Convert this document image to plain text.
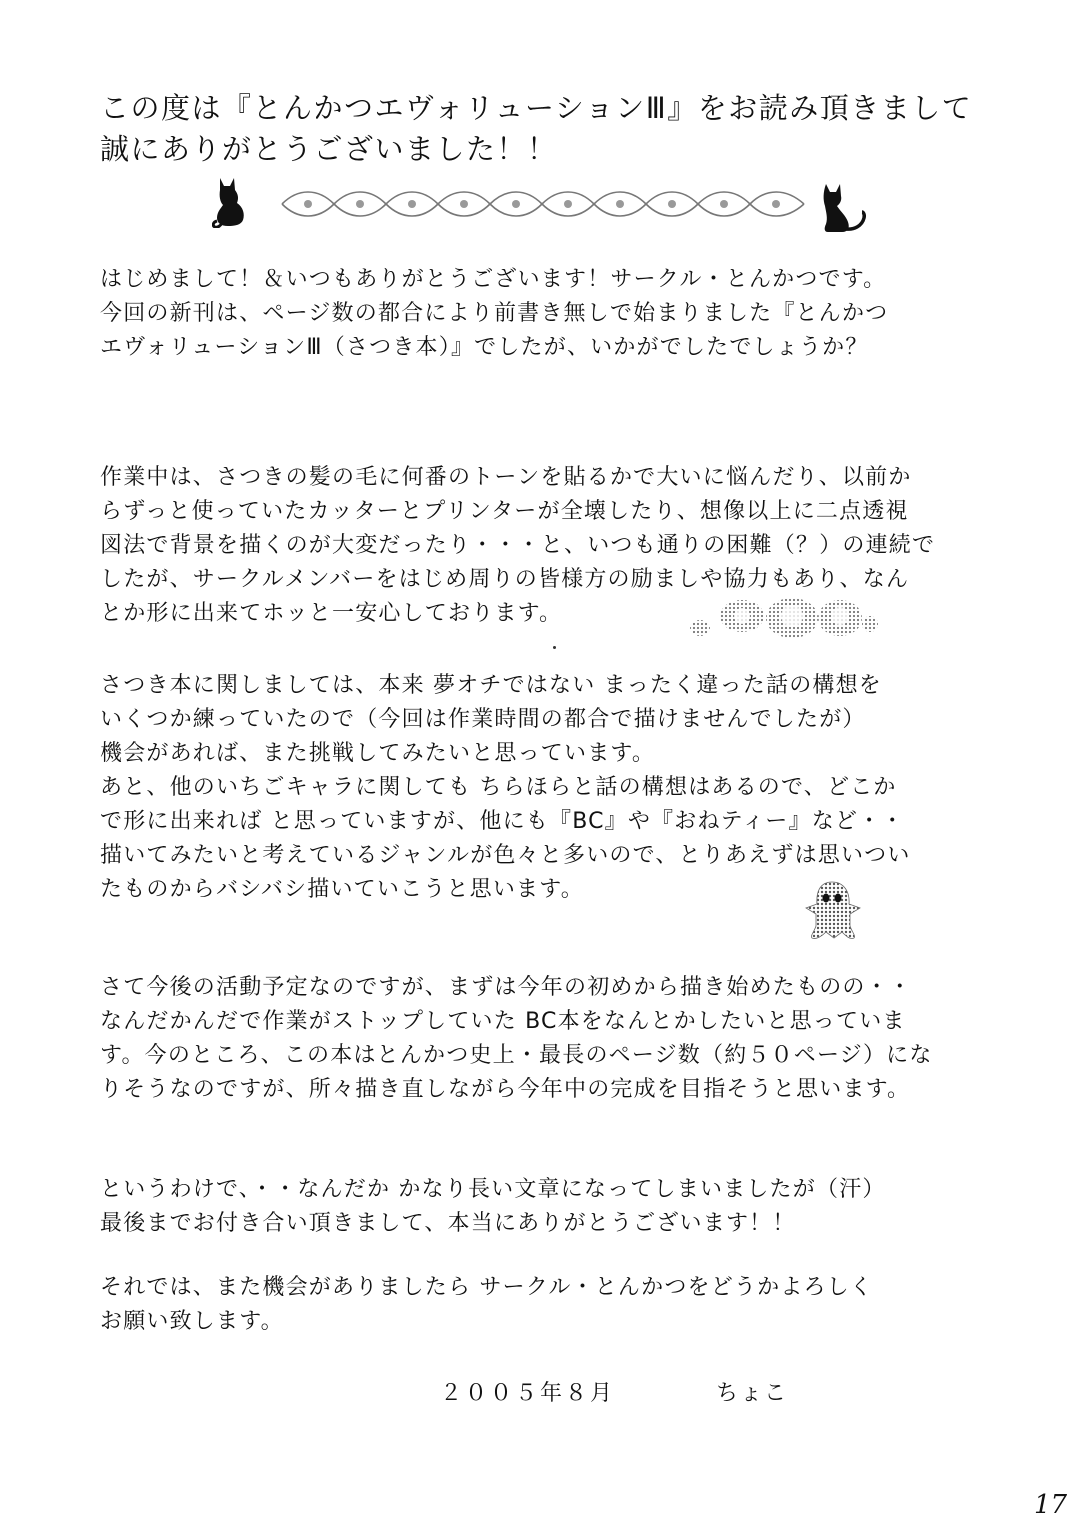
この度は『とんかつエヴォリューションⅢ』をお読み頂きまして
誠にありがとうございました！！
はじめまして！＆いつもありがとうございます！サークル・とんかつです。
今回の新刊は、ページ数の都合により前書き無しで始まりました『とんかつ
エヴォリューションⅢ（さつき本）』でしたが、いかがでしたでしょうか？
作業中は、さつきの髪の毛に何番のトーンを貼るかで大いに悩んだり、以前か
らずっと使っていたカッターとプリンターが全壊したり、想像以上に二点透視
図法で背景を描くのが大変だったり・・・と、いつも通りの困難（？）の連続で
したが、サークルメンバーをはじめ周りの皆様方の励ましや協力もあり、なん
とか形に出来てホッと一安心しております。
さつき本に関しましては、本来 夢オチではない まったく違った話の構想を
いくつか練っていたので（今回は作業時間の都合で描けませんでしたが）
機会があれば、また挑戦してみたいと思っています。
あと、他のいちごキャラに関しても ちらほらと話の構想はあるので、どこか
で形に出来れば と思っていますが、他にも『BC』や『おねティー』など・・
描いてみたいと考えているジャンルが色々と多いので、とりあえずは思いつい
たものからバシバシ描いていこうと思います。
さて今後の活動予定なのですが、まずは今年の初めから描き始めたものの・・
なんだかんだで作業がストップしていた BC本をなんとかしたいと思っていま
す。今のところ、この本はとんかつ史上・最長のページ数（約５０ページ）にな
りそうなのですが、所々描き直しながら今年中の完成を目指そうと思います。
というわけで、・・なんだか かなり長い文章になってしまいましたが（汗）
最後までお付き合い頂きまして、本当にありがとうございます！！
それでは、また機会がありましたら サークル・とんかつをどうかよろしく
お願い致します。
２００５年８月	ちょこ
17
